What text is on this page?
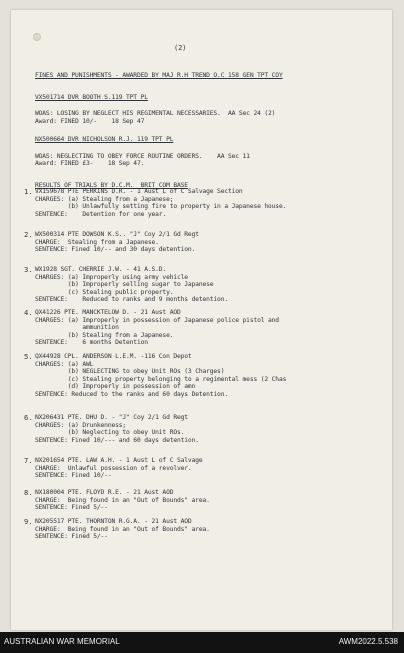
(2)
FINES AND PUNISHMENTS - AWARDED BY MAJ R.H TREND O.C 158 GEN TPT COY
VX501714 DVR BOOTH S.119 TPT PL
WOAS: LOSING BY NEGLECT HIS REGIMENTAL NECESSARIES.  AA Sec 24 (2)
Award: FINED 10/-    18 Sep 47
NX500664 DVR NICHOLSON R.J. 119 TPT PL
WOAS: NEGLECTING TO OBEY FORCE ROUTINE ORDERS.    AA Sec 11
Award: FINED £3-    18 Sep 47.
RESULTS OF TRIALS BY D.C.M.  BRIT COM BASE
1. VX159678 PTE PERKINS D.R. - 1 Aust L of C Salvage Section
CHARGES: (a) Stealing from a Japanese;
(b) Unlawfully setting fire to property in a Japanese house.
SENTENCE:    Detention for one year.
2. WX500314 PTE DOWSON K.S.. "J" Coy 2/1 Gd Regt
CHARGE:  Stealing from a Japanese.
SENTENCE: Fined 10/-- and 30 days detention.
3. WX1928 SGT. CHERRIE J.W. - 41 A.S.D.
CHARGES: (a) Improperly using army vehicle
(b) Improperly selling sugar to Japanese
(c) Stealing public property.
SENTENCE:    Reduced to ranks and 9 months detention.
4. QX41226 PTE. MANCKTELOW D. - 21 Aust AOD
CHARGES: (a) Improperly in possession of Japanese police pistol and
ammunition
(b) Stealing from a Japanese.
SENTENCE:    6 months Detention
5. QX44928 CPL. ANDERSON L.E.M. -116 Con Depot
CHARGES: (a) AWL
(b) NEGLECTING to obey Unit ROs (3 Charges)
(c) Stealing property belonging to a regimental mess (2 Chas
(d) Improperly in possession of amn
SENTENCE: Reduced to the ranks and 60 days Detention.
6. NX206431 PTE. DHU D. - "J" Coy 2/1 Gd Regt
CHARGES: (a) Drunkenness;
(b) Neglecting to obey Unit ROs.
SENTENCE: Fined 10/--- and 60 days detention.
7. NX201654 PTE. LAW A.H. - 1 Aust L of C Salvage
CHARGE:  Unlawful possession of a revolver.
SENTENCE: Fined 10/--
8. NX180004 PTE. FLOYD R.E. - 21 Aust AOD
CHARGE:  Being found in an "Out of Bounds" area.
SENTENCE: Fined 5/--
9. NX205517 PTE. THORNTON R.G.A. - 21 Aust AOD
CHARGE:  Being found in an "Out of Bounds" area.
SENTENCE: Fined 5/--
AUSTRALIAN WAR MEMORIAL	AWM2022.5.538
